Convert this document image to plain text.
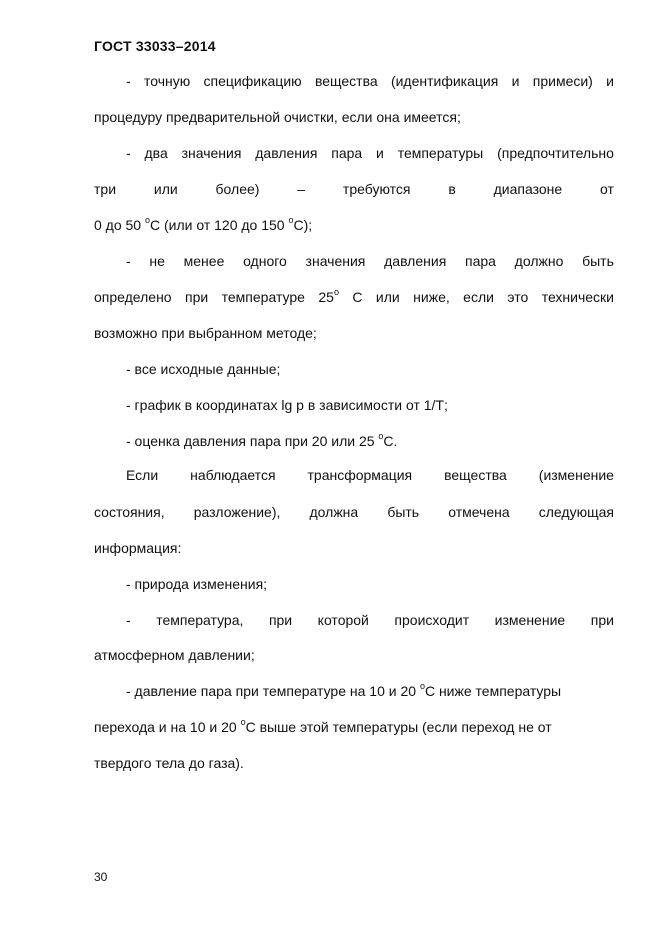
ГОСТ 33033–2014
- точную спецификацию вещества (идентификация и примеси) и
процедуру предварительной очистки, если она имеется;
- два значения давления пара и температуры (предпочтительно
три	или	более)	–	требуются	в	диапазоне	от
0 до 50 $^o$С (или от 120 до 150 $^o$С);
- не менее одного значения давления пара должно быть
определено при температуре 25$^o$ С или ниже, если это технически
возможно при выбранном методе;
- все исходные данные;
- график в координатах lg p в зависимости от 1/Т;
- оценка давления пара при 20 или 25 $^o$С.
Если наблюдается трансформация вещества (изменение
состояния, разложение), должна быть отмечена следующая
информация:
- природа изменения;
- температура, при которой происходит изменение при
атмосферном давлении;
- давление пара при температуре на 10 и 20 $^o$С ниже температуры
перехода и на 10 и 20 $^o$С выше этой температуры (если переход не от
твердого тела до газа).
30
